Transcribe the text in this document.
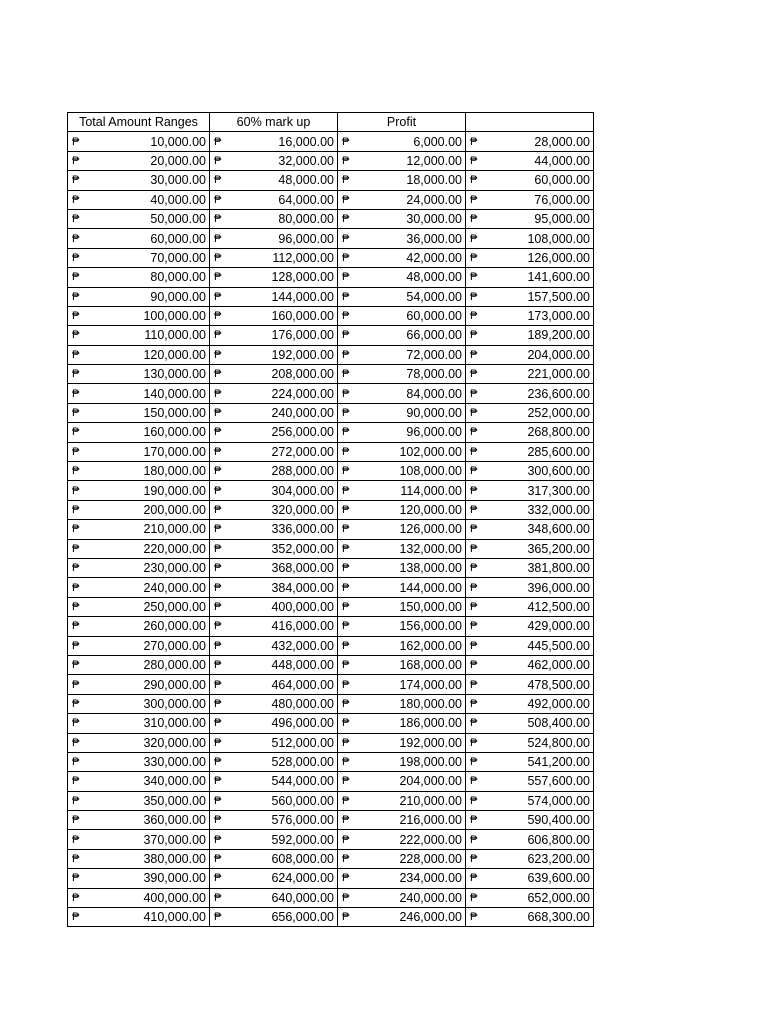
Total Amount Ranges	60% mark up	Profit	

₱ 10,000.00	₱ 16,000.00	₱ 6,000.00	₱ 28,000.00

₱ 20,000.00	₱ 32,000.00	₱ 12,000.00	₱ 44,000.00

₱ 30,000.00	₱ 48,000.00	₱ 18,000.00	₱ 60,000.00

₱ 40,000.00	₱ 64,000.00	₱ 24,000.00	₱ 76,000.00

₱ 50,000.00	₱ 80,000.00	₱ 30,000.00	₱ 95,000.00

₱ 60,000.00	₱ 96,000.00	₱ 36,000.00	₱ 108,000.00

₱ 70,000.00	₱ 112,000.00	₱ 42,000.00	₱ 126,000.00

₱ 80,000.00	₱ 128,000.00	₱ 48,000.00	₱ 141,600.00

₱ 90,000.00	₱ 144,000.00	₱ 54,000.00	₱ 157,500.00

₱ 100,000.00	₱ 160,000.00	₱ 60,000.00	₱ 173,000.00

₱ 110,000.00	₱ 176,000.00	₱ 66,000.00	₱ 189,200.00

₱ 120,000.00	₱ 192,000.00	₱ 72,000.00	₱ 204,000.00

₱ 130,000.00	₱ 208,000.00	₱ 78,000.00	₱ 221,000.00

₱ 140,000.00	₱ 224,000.00	₱ 84,000.00	₱ 236,600.00

₱ 150,000.00	₱ 240,000.00	₱ 90,000.00	₱ 252,000.00

₱ 160,000.00	₱ 256,000.00	₱ 96,000.00	₱ 268,800.00

₱ 170,000.00	₱ 272,000.00	₱ 102,000.00	₱ 285,600.00

₱ 180,000.00	₱ 288,000.00	₱ 108,000.00	₱ 300,600.00

₱ 190,000.00	₱ 304,000.00	₱ 114,000.00	₱ 317,300.00

₱ 200,000.00	₱ 320,000.00	₱ 120,000.00	₱ 332,000.00

₱ 210,000.00	₱ 336,000.00	₱ 126,000.00	₱ 348,600.00

₱ 220,000.00	₱ 352,000.00	₱ 132,000.00	₱ 365,200.00

₱ 230,000.00	₱ 368,000.00	₱ 138,000.00	₱ 381,800.00

₱ 240,000.00	₱ 384,000.00	₱ 144,000.00	₱ 396,000.00

₱ 250,000.00	₱ 400,000.00	₱ 150,000.00	₱ 412,500.00

₱ 260,000.00	₱ 416,000.00	₱ 156,000.00	₱ 429,000.00

₱ 270,000.00	₱ 432,000.00	₱ 162,000.00	₱ 445,500.00

₱ 280,000.00	₱ 448,000.00	₱ 168,000.00	₱ 462,000.00

₱ 290,000.00	₱ 464,000.00	₱ 174,000.00	₱ 478,500.00

₱ 300,000.00	₱ 480,000.00	₱ 180,000.00	₱ 492,000.00

₱ 310,000.00	₱ 496,000.00	₱ 186,000.00	₱ 508,400.00

₱ 320,000.00	₱ 512,000.00	₱ 192,000.00	₱ 524,800.00

₱ 330,000.00	₱ 528,000.00	₱ 198,000.00	₱ 541,200.00

₱ 340,000.00	₱ 544,000.00	₱ 204,000.00	₱ 557,600.00

₱ 350,000.00	₱ 560,000.00	₱ 210,000.00	₱ 574,000.00

₱ 360,000.00	₱ 576,000.00	₱ 216,000.00	₱ 590,400.00

₱ 370,000.00	₱ 592,000.00	₱ 222,000.00	₱ 606,800.00

₱ 380,000.00	₱ 608,000.00	₱ 228,000.00	₱ 623,200.00

₱ 390,000.00	₱ 624,000.00	₱ 234,000.00	₱ 639,600.00

₱ 400,000.00	₱ 640,000.00	₱ 240,000.00	₱ 652,000.00

₱ 410,000.00	₱ 656,000.00	₱ 246,000.00	₱ 668,300.00
